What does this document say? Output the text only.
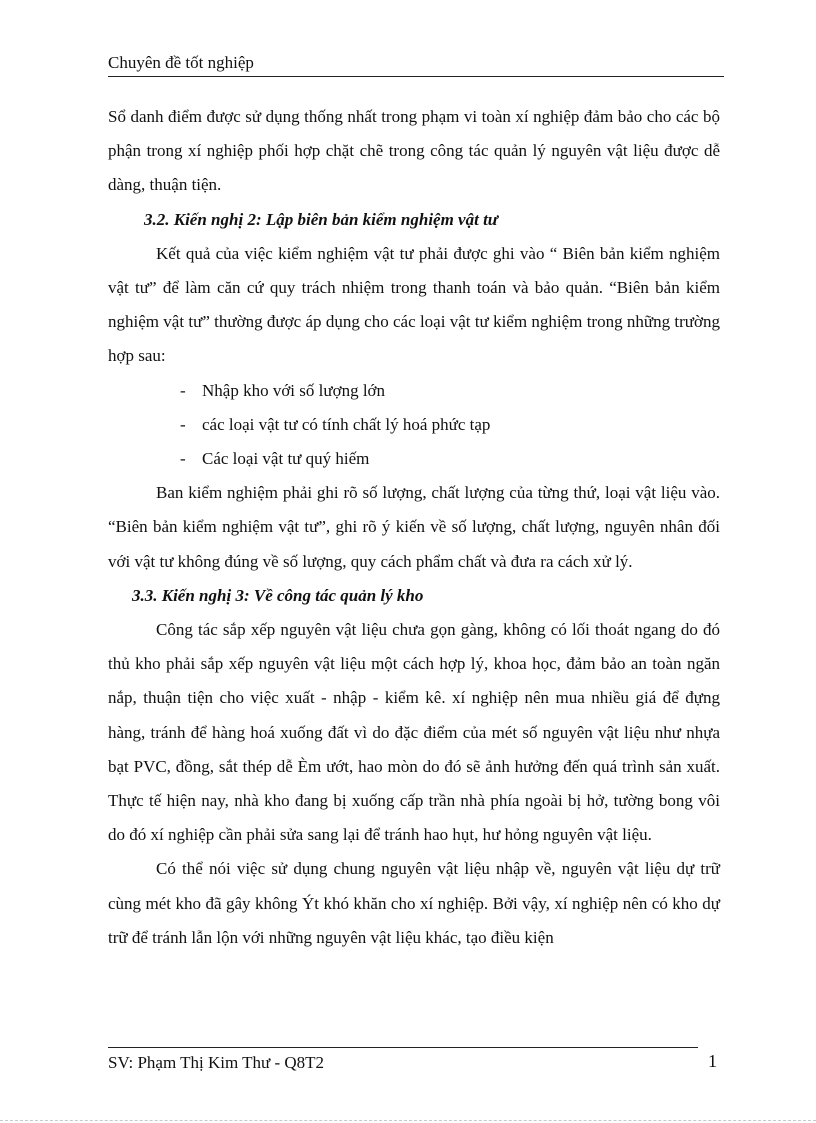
Chuyên đề tốt nghiệp

Sổ danh điểm được sử dụng thống nhất trong phạm vi toàn xí nghiệp đảm bảo cho các bộ phận trong xí nghiệp phối hợp chặt chẽ trong công tác quản lý nguyên vật liệu được dễ dàng, thuận tiện.

3.2. Kiến nghị 2: Lập biên bản kiểm nghiệm vật tư

Kết quả của việc kiểm nghiệm vật tư phải được ghi vào “ Biên bản kiểm nghiệm vật tư” để làm căn cứ quy trách nhiệm trong thanh toán và bảo quản. “Biên bản kiểm nghiệm vật tư” thường được áp dụng cho các loại vật tư kiểm nghiệm trong những trường hợp sau:

- Nhập kho với số lượng lớn
- các loại vật tư có tính chất lý hoá phức tạp
- Các loại vật tư quý hiếm

Ban kiểm nghiệm phải ghi rõ số lượng, chất lượng của từng thứ, loại vật liệu vào. “Biên bản kiểm nghiệm vật tư”, ghi rõ ý kiến về số lượng, chất lượng, nguyên nhân đối với vật tư không đúng về số lượng, quy cách phẩm chất và đưa ra cách xử lý.

3.3. Kiến nghị 3: Về công tác quản lý kho

Công tác sắp xếp nguyên vật liệu chưa gọn gàng, không có lối thoát ngang do đó thủ kho phải sắp xếp nguyên vật liệu một cách hợp lý, khoa học, đảm bảo an toàn ngăn nắp, thuận tiện cho việc xuất - nhập - kiểm kê. xí nghiệp nên mua nhiều giá để đựng hàng, tránh để hàng hoá xuống đất vì do đặc điểm của mét số nguyên vật liệu như nhựa bạt PVC, đồng, sắt thép dễ Èm ướt, hao mòn do đó sẽ ảnh hưởng đến quá trình sản xuất. Thực tế hiện nay, nhà kho đang bị xuống cấp trần nhà phía ngoài bị hở, tường bong vôi do đó xí nghiệp cần phải sửa sang lại để tránh hao hụt, hư hỏng nguyên vật liệu.

Có thể nói việc sử dụng chung nguyên vật liệu nhập về, nguyên vật liệu dự trữ cùng mét kho đã gây không Ýt khó khăn cho xí nghiệp. Bởi vậy, xí nghiệp nên có kho dự trữ để tránh lẫn lộn với những nguyên vật liệu khác, tạo điều kiện

SV: Phạm Thị Kim Thư - Q8T2	1
